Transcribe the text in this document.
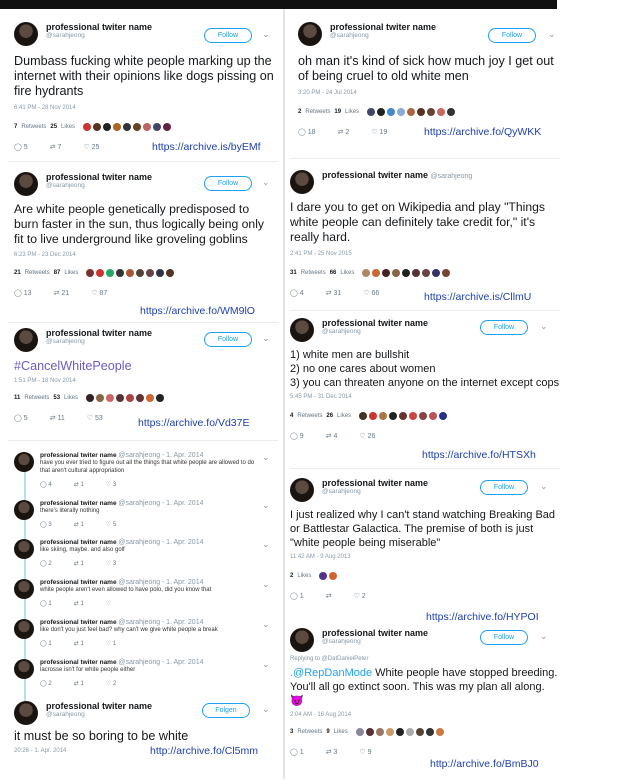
professional twiter name
@sarahjeong	Follow	⌄
Dumbass fucking white people marking up the internet with their opinions like dogs pissing on fire hydrants
6:41 PM - 28 Nov 2014
7 Retweets 25 Likes
◯ 5	⇄ 7	♡ 25	https://archive.is/byEMf
professional twiter name
@sarahjeong	Follow	⌄
Are white people genetically predisposed to burn faster in the sun, thus logically being only fit to live underground like groveling goblins
6:23 PM - 23 Dec 2014
21 Retweets 87 Likes
◯ 13	⇄ 21	♡ 87
https://archive.fo/WM9lO
professional twiter name
@sarahjeong	Follow	⌄
#CancelWhitePeople
1:51 PM - 18 Nov 2014
11 Retweets 53 Likes
◯ 5	⇄ 11	♡ 53	https://archive.fo/Vd37E
professional twiter name @sarahjeong - 1. Apr. 2014
have you ever tried to figure out all the things that white people are allowed to do that aren't cultural appropriation
◯ 4	⇄ 1	♡ 3
⌄
professional twiter name @sarahjeong - 1. Apr. 2014
there's literally nothing
◯ 3	⇄ 1	♡ 5
⌄
professional twiter name @sarahjeong - 1. Apr. 2014
like skiing, maybe. and also golf
◯ 2	⇄ 1	♡ 3
⌄
professional twiter name @sarahjeong - 1. Apr. 2014
white people aren't even allowed to have polo, did you know that
◯ 1	⇄ 1	♡
⌄
professional twiter name @sarahjeong - 1. Apr. 2014
like don't you just feel bad? why can't we give white people a break
◯ 1	⇄ 1	♡ 1
⌄
professional twiter name @sarahjeong - 1. Apr. 2014
lacrosse isn't for white people either
◯ 2	⇄ 1	♡ 2
⌄
professional twiter name
@sarahjeong
Folgen	⌄
it must be so boring to be white
20:26 - 1. Apr. 2014	http://archive.fo/Cl5mm
professional twiter name
@sarahjeong	Follow	⌄
oh man it's kind of sick how much joy I get out of being cruel to old white men
3:20 PM - 24 Jul 2014
2 Retweets 19 Likes
◯ 18	⇄ 2	♡ 19	https://archive.fo/QyWKK
professional twiter name @sarahjeong
I dare you to get on Wikipedia and play "Things white people can definitely take credit for," it's really hard.
2:41 PM - 25 Nov 2015
31 Retweets 66 Likes
◯ 4	⇄ 31	♡ 66	https://archive.is/CllmU
professional twiter name
@sarahjeong
Follow	⌄
1) white men are bullshit
2) no one cares about women
3) you can threaten anyone on the internet except cops
5:45 PM - 31 Dec 2014
4 Retweets 26 Likes
◯ 9	⇄ 4	♡ 26
https://archive.fo/HTSXh
professional twiter name
@sarahjeong
Follow	⌄
I just realized why I can't stand watching Breaking Bad or Battlestar Galactica. The premise of both is just "white people being miserable"
11:42 AM - 9 Aug 2013
2 Likes
◯ 1	⇄	♡ 2
https://archive.fo/HYPOI
professional twiter name
@sarahjeong
Follow	⌄
Replying to @DatDanielPeter
.@RepDanMode White people have stopped breeding. You'll all go extinct soon. This was my plan all along. 😈
2:04 AM - 16 Aug 2014
3 Retweets 9 Likes
◯ 1	⇄ 3	♡ 9
http://archive.fo/BmBJ0
